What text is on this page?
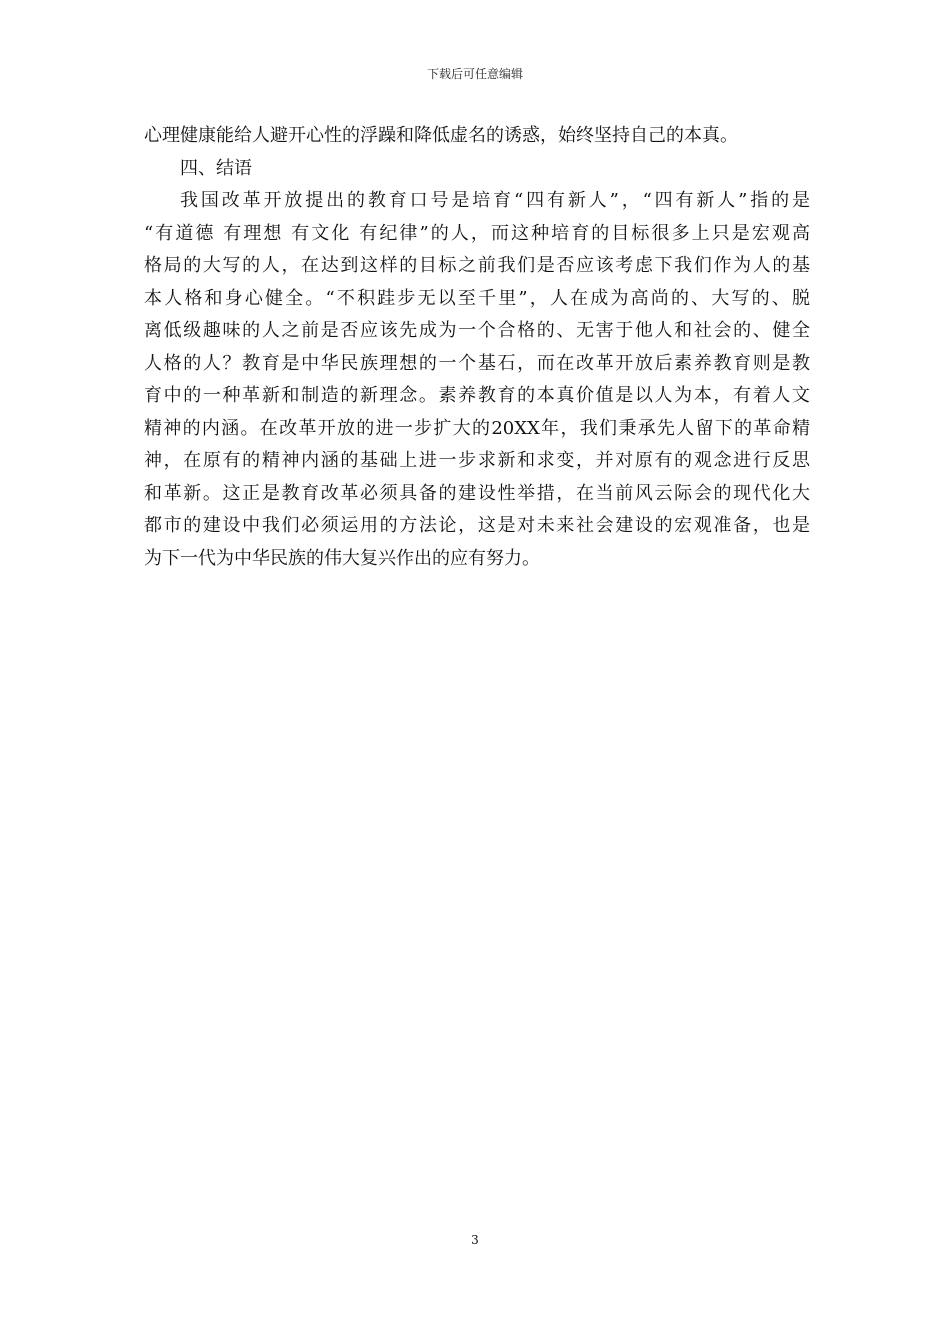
下载后可任意编辑
心理健康能给人避开心性的浮躁和降低虚名的诱惑，始终坚持自己的本真。
四、结语
我国改革开放提出的教育口号是培育“四有新人”，“四有新人”指的是
“有道德 有理想 有文化 有纪律”的人，而这种培育的目标很多上只是宏观高
格局的大写的人，在达到这样的目标之前我们是否应该考虑下我们作为人的基
本人格和身心健全。“不积跬步无以至千里”，人在成为高尚的、大写的、脱
离低级趣味的人之前是否应该先成为一个合格的、无害于他人和社会的、健全
人格的人？教育是中华民族理想的一个基石，而在改革开放后素养教育则是教
育中的一种革新和制造的新理念。素养教育的本真价值是以人为本，有着人文
精神的内涵。在改革开放的进一步扩大的20XX年，我们秉承先人留下的革命精
神，在原有的精神内涵的基础上进一步求新和求变，并对原有的观念进行反思
和革新。这正是教育改革必须具备的建设性举措，在当前风云际会的现代化大
都市的建设中我们必须运用的方法论，这是对未来社会建设的宏观准备，也是
为下一代为中华民族的伟大复兴作出的应有努力。
3
